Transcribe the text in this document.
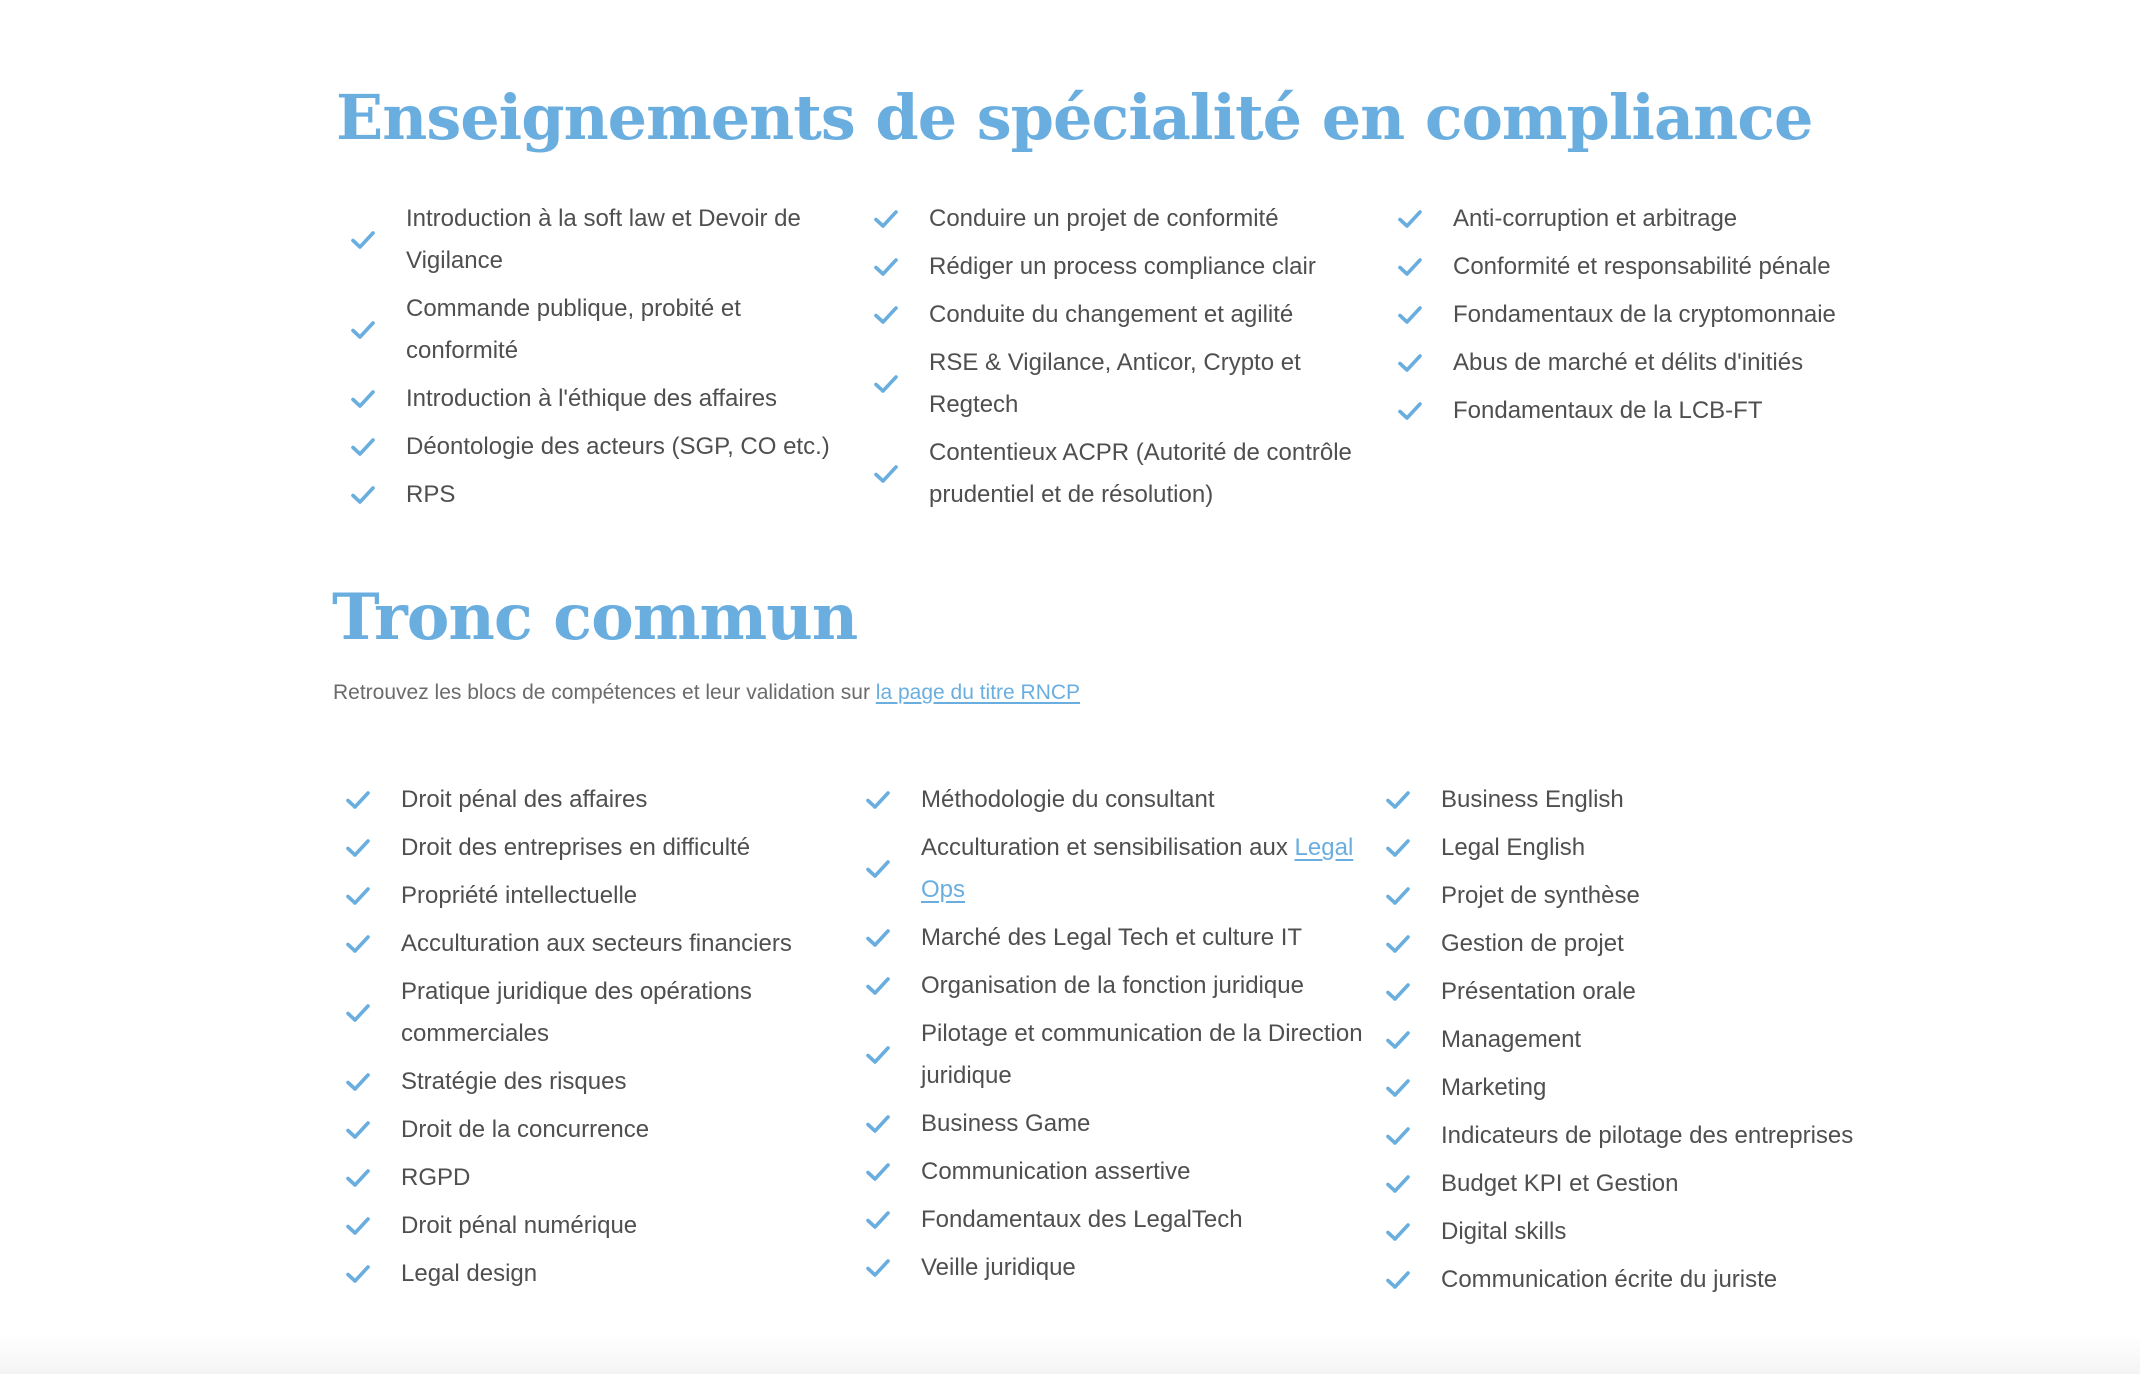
Enseignements de spécialité en compliance
Introduction à la soft law et Devoir de Vigilance
Commande publique, probité et conformité
Introduction à l'éthique des affaires
Déontologie des acteurs (SGP, CO etc.)
RPS
Conduire un projet de conformité
Rédiger un process compliance clair
Conduite du changement et agilité
RSE & Vigilance, Anticor, Crypto et Regtech
Contentieux ACPR (Autorité de contrôle prudentiel et de résolution)
Anti-corruption et arbitrage
Conformité et responsabilité pénale
Fondamentaux de la cryptomonnaie
Abus de marché et délits d'initiés
Fondamentaux de la LCB-FT
Tronc commun

Retrouvez les blocs de compétences et leur validation sur la page du titre RNCP

Droit pénal des affaires
Droit des entreprises en difficulté
Propriété intellectuelle
Acculturation aux secteurs financiers
Pratique juridique des opérations commerciales
Stratégie des risques
Droit de la concurrence
RGPD
Droit pénal numérique
Legal design
Méthodologie du consultant
Acculturation et sensibilisation aux Legal Ops
Marché des Legal Tech et culture IT
Organisation de la fonction juridique
Pilotage et communication de la Direction juridique
Business Game
Communication assertive
Fondamentaux des LegalTech
Veille juridique
Business English
Legal English
Projet de synthèse
Gestion de projet
Présentation orale
Management
Marketing
Indicateurs de pilotage des entreprises
Budget KPI et Gestion
Digital skills
Communication écrite du juriste
